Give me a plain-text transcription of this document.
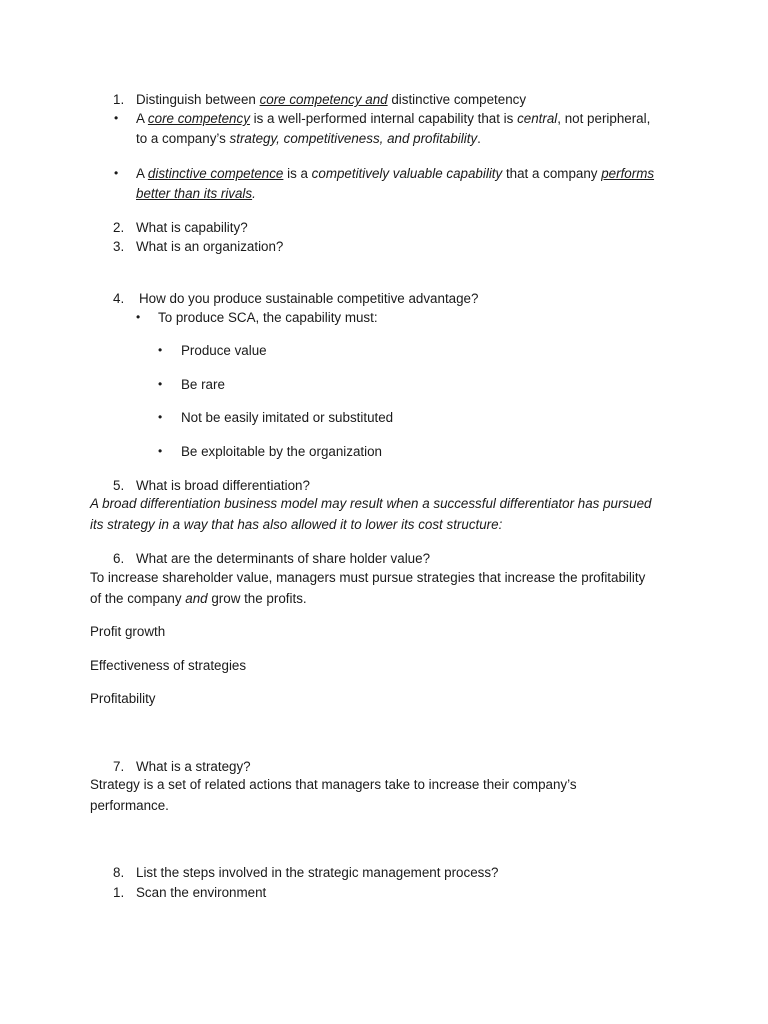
1. Distinguish between core competency and distinctive competency
• A core competency is a well-performed internal capability that is central, not peripheral,
to a company’s strategy, competitiveness, and profitability.
• A distinctive competence is a competitively valuable capability that a company performs
better than its rivals.
2. What is capability?
3. What is an organization?
4. How do you produce sustainable competitive advantage?
• To produce SCA, the capability must:
• Produce value
• Be rare
• Not be easily imitated or substituted
• Be exploitable by the organization
5. What is broad differentiation?
A broad differentiation business model may result when a successful differentiator has pursued
its strategy in a way that has also allowed it to lower its cost structure:
6. What are the determinants of share holder value?
To increase shareholder value, managers must pursue strategies that increase the profitability
of the company and grow the profits.
Profit growth
Effectiveness of strategies
Profitability
7. What is a strategy?
Strategy is a set of related actions that managers take to increase their company’s
performance.
8. List the steps involved in the strategic management process?
1. Scan the environment
